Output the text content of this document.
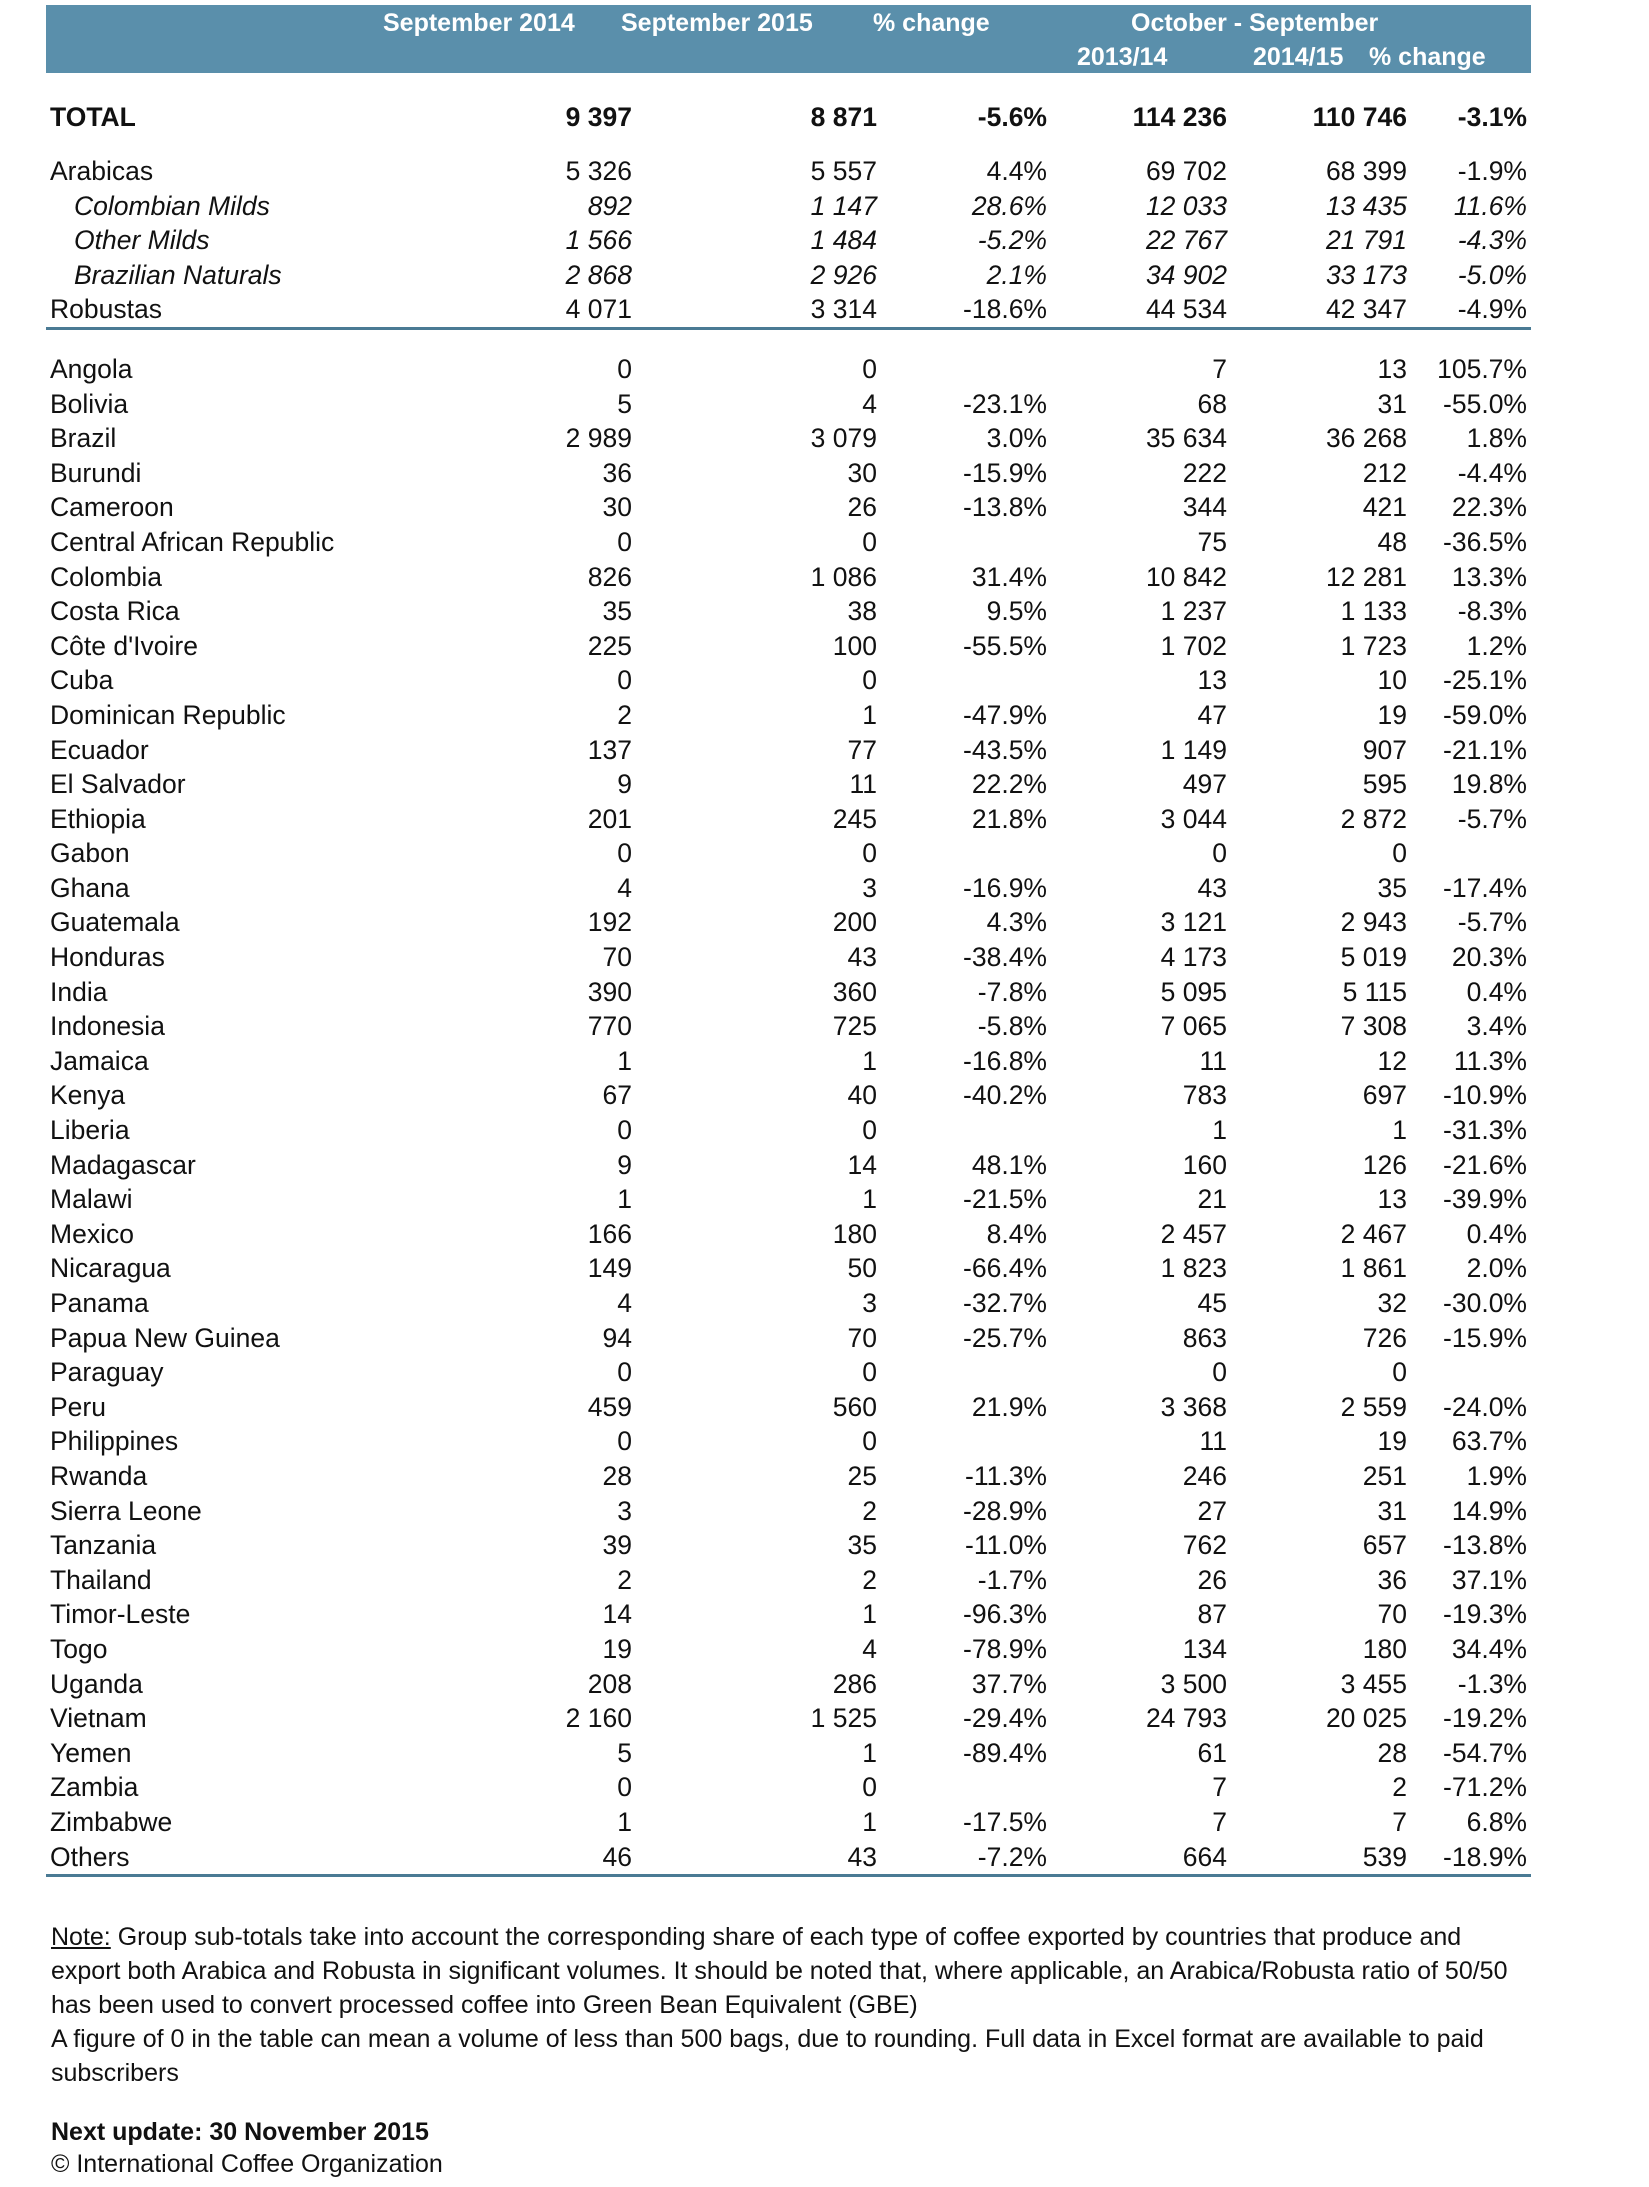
September 2014 September 2015 % change	October - September
2013/14	2014/15 % change
TOTAL	9 397	8 871	-5.6%	114 236	110 746	-3.1%

Arabicas	5 326	5 557	4.4%	69 702	68 399	-1.9%
Colombian Milds	892	1 147	28.6%	12 033	13 435	11.6%
Other Milds	1 566	1 484	-5.2%	22 767	21 791	-4.3%
Brazilian Naturals	2 868	2 926	2.1%	34 902	33 173	-5.0%
Robustas	4 071	3 314	-18.6%	44 534	42 347	-4.9%

Angola	0	0		7	13	105.7%
Bolivia	5	4	-23.1%	68	31	-55.0%
Brazil	2 989	3 079	3.0%	35 634	36 268	1.8%
Burundi	36	30	-15.9%	222	212	-4.4%
Cameroon	30	26	-13.8%	344	421	22.3%
Central African Republic	0	0		75	48	-36.5%
Colombia	826	1 086	31.4%	10 842	12 281	13.3%
Costa Rica	35	38	9.5%	1 237	1 133	-8.3%
Côte d'Ivoire	225	100	-55.5%	1 702	1 723	1.2%
Cuba	0	0		13	10	-25.1%
Dominican Republic	2	1	-47.9%	47	19	-59.0%
Ecuador	137	77	-43.5%	1 149	907	-21.1%
El Salvador	9	11	22.2%	497	595	19.8%
Ethiopia	201	245	21.8%	3 044	2 872	-5.7%
Gabon	0	0		0	0	
Ghana	4	3	-16.9%	43	35	-17.4%
Guatemala	192	200	4.3%	3 121	2 943	-5.7%
Honduras	70	43	-38.4%	4 173	5 019	20.3%
India	390	360	-7.8%	5 095	5 115	0.4%
Indonesia	770	725	-5.8%	7 065	7 308	3.4%
Jamaica	1	1	-16.8%	11	12	11.3%
Kenya	67	40	-40.2%	783	697	-10.9%
Liberia	0	0		1	1	-31.3%
Madagascar	9	14	48.1%	160	126	-21.6%
Malawi	1	1	-21.5%	21	13	-39.9%
Mexico	166	180	8.4%	2 457	2 467	0.4%
Nicaragua	149	50	-66.4%	1 823	1 861	2.0%
Panama	4	3	-32.7%	45	32	-30.0%
Papua New Guinea	94	70	-25.7%	863	726	-15.9%
Paraguay	0	0		0	0	
Peru	459	560	21.9%	3 368	2 559	-24.0%
Philippines	0	0		11	19	63.7%
Rwanda	28	25	-11.3%	246	251	1.9%
Sierra Leone	3	2	-28.9%	27	31	14.9%
Tanzania	39	35	-11.0%	762	657	-13.8%
Thailand	2	2	-1.7%	26	36	37.1%
Timor-Leste	14	1	-96.3%	87	70	-19.3%
Togo	19	4	-78.9%	134	180	34.4%
Uganda	208	286	37.7%	3 500	3 455	-1.3%
Vietnam	2 160	1 525	-29.4%	24 793	20 025	-19.2%
Yemen	5	1	-89.4%	61	28	-54.7%
Zambia	0	0		7	2	-71.2%
Zimbabwe	1	1	-17.5%	7	7	6.8%
Others	46	43	-7.2%	664	539	-18.9%

Note: Group sub-totals take into account the corresponding share of each type of coffee exported by countries that produce and export both Arabica and Robusta in significant volumes. It should be noted that, where applicable, an Arabica/Robusta ratio of 50/50 has been used to convert processed coffee into Green Bean Equivalent (GBE)

A figure of 0 in the table can mean a volume of less than 500 bags, due to rounding. Full data in Excel format are available to paid subscribers

Next update: 30 November 2015
© International Coffee Organization
